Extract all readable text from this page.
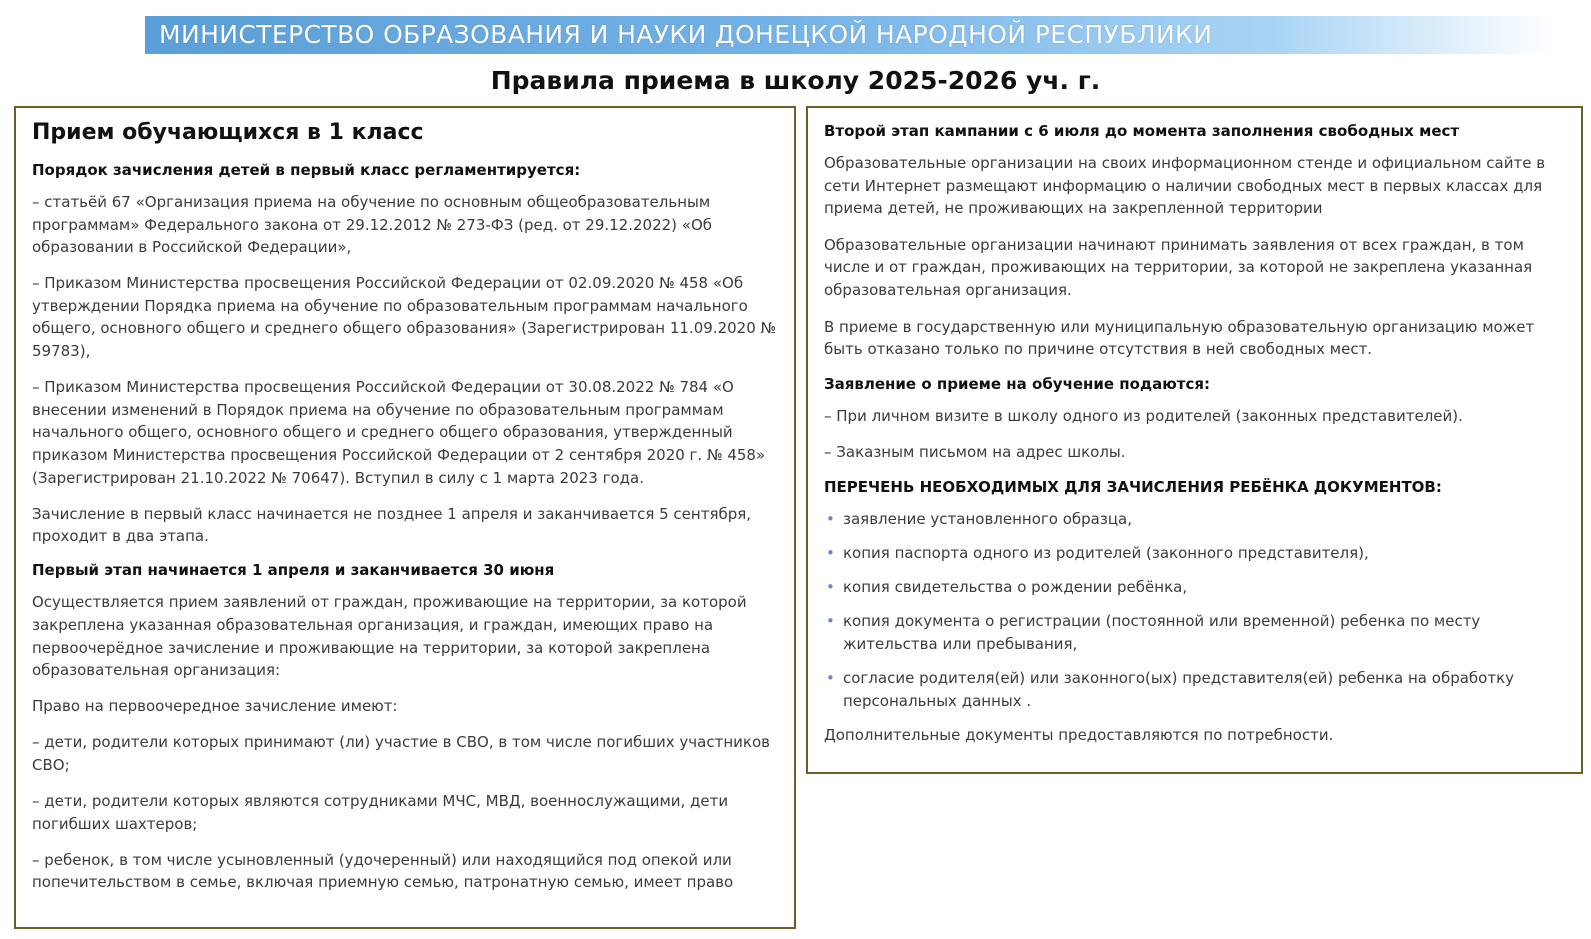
МИНИСТЕРСТВО ОБРАЗОВАНИЯ И НАУКИ ДОНЕЦКОЙ НАРОДНОЙ РЕСПУБЛИКИ
Правила приема в школу 2025-2026 уч. г.
Прием обучающихся в 1 класс
Порядок зачисления детей в первый класс регламентируется:

– статьёй 67 «Организация приема на обучение по основным общеобразовательным программам» Федерального закона от 29.12.2012 № 273-ФЗ (ред. от 29.12.2022) «Об образовании в Российской Федерации»,

– Приказом Министерства просвещения Российской Федерации от 02.09.2020 № 458 «Об утверждении Порядка приема на обучение по образовательным программам начального общего, основного общего и среднего общего образования» (Зарегистрирован 11.09.2020 № 59783),

– Приказом Министерства просвещения Российской Федерации от 30.08.2022 № 784 «О внесении изменений в Порядок приема на обучение по образовательным программам начального общего, основного общего и среднего общего образования, утвержденный приказом Министерства просвещения Российской Федерации от 2 сентября 2020 г. № 458» (Зарегистрирован 21.10.2022 № 70647). Вступил в силу с 1 марта 2023 года.

Зачисление в первый класс начинается не позднее 1 апреля и заканчивается 5 сентября, проходит в два этапа.

Первый этап начинается 1 апреля и заканчивается 30 июня

Осуществляется прием заявлений от граждан, проживающие на территории, за которой закреплена указанная образовательная организация, и граждан, имеющих право на первоочерёдное зачисление и проживающие на территории, за которой закреплена образовательная организация:

Право на первоочередное зачисление имеют:

– дети, родители которых принимают (ли) участие в СВО, в том числе погибших участников СВО;

– дети, родители которых являются сотрудниками МЧС, МВД, военнослужащими, дети погибших шахтеров;

– ребенок, в том числе усыновленный (удочеренный) или находящийся под опекой или попечительством в семье, включая приемную семью, патронатную семью, имеет право

Второй этап кампании с 6 июля до момента заполнения свободных мест

Образовательные организации на своих информационном стенде и официальном сайте в сети Интернет размещают информацию о наличии свободных мест в первых классах для приема детей, не проживающих на закрепленной территории

Образовательные организации начинают принимать заявления от всех граждан, в том числе и от граждан, проживающих на территории, за которой не закреплена указанная образовательная организация.

В приеме в государственную или муниципальную образовательную организацию может быть отказано только по причине отсутствия в ней свободных мест.

Заявление о приеме на обучение подаются:

– При личном визите в школу одного из родителей (законных представителей).

– Заказным письмом на адрес школы.

ПЕРЕЧЕНЬ НЕОБХОДИМЫХ ДЛЯ ЗАЧИСЛЕНИЯ РЕБЁНКА ДОКУМЕНТОВ:
• заявление установленного образца,
• копия паспорта одного из родителей (законного представителя),
• копия свидетельства о рождении ребёнка,
• копия документа о регистрации (постоянной или временной) ребенка по месту жительства или пребывания,
• согласие родителя(ей) или законного(ых) представителя(ей) ребенка на обработку персональных данных .

Дополнительные документы предоставляются по потребности.
